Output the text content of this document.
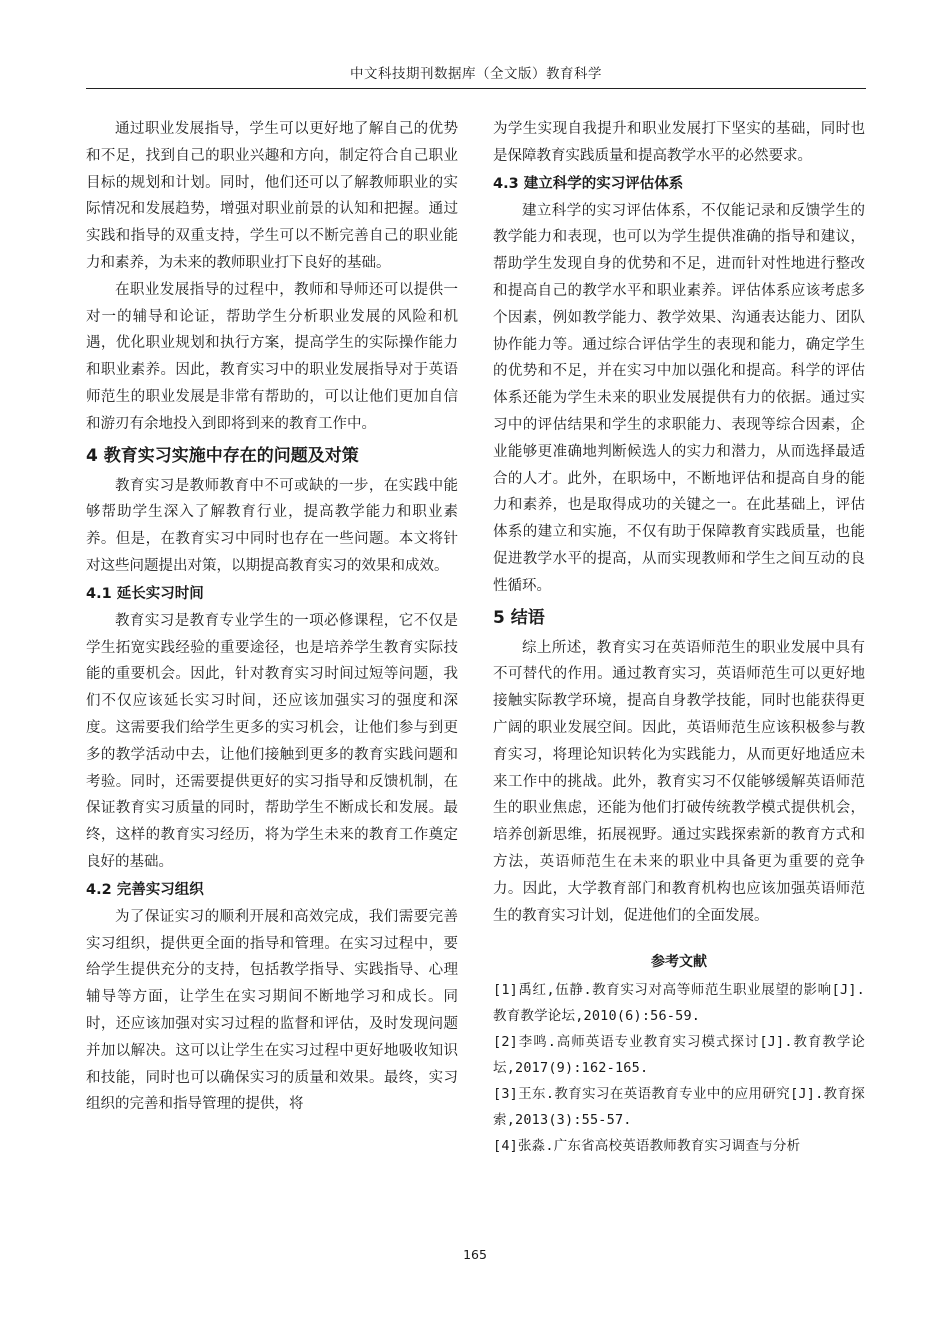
中文科技期刊数据库（全文版）教育科学

通过职业发展指导，学生可以更好地了解自己的优势和不足，找到自己的职业兴趣和方向，制定符合自己职业目标的规划和计划。同时，他们还可以了解教师职业的实际情况和发展趋势，增强对职业前景的认知和把握。通过实践和指导的双重支持，学生可以不断完善自己的职业能力和素养，为未来的教师职业打下良好的基础。

在职业发展指导的过程中，教师和导师还可以提供一对一的辅导和论证，帮助学生分析职业发展的风险和机遇，优化职业规划和执行方案，提高学生的实际操作能力和职业素养。因此，教育实习中的职业发展指导对于英语师范生的职业发展是非常有帮助的，可以让他们更加自信和游刃有余地投入到即将到来的教育工作中。

4 教育实习实施中存在的问题及对策

教育实习是教师教育中不可或缺的一步，在实践中能够帮助学生深入了解教育行业，提高教学能力和职业素养。但是，在教育实习中同时也存在一些问题。本文将针对这些问题提出对策，以期提高教育实习的效果和成效。

4.1 延长实习时间

教育实习是教育专业学生的一项必修课程，它不仅是学生拓宽实践经验的重要途径，也是培养学生教育实际技能的重要机会。因此，针对教育实习时间过短等问题，我们不仅应该延长实习时间，还应该加强实习的强度和深度。这需要我们给学生更多的实习机会，让他们参与到更多的教学活动中去，让他们接触到更多的教育实践问题和考验。同时，还需要提供更好的实习指导和反馈机制，在保证教育实习质量的同时，帮助学生不断成长和发展。最终，这样的教育实习经历，将为学生未来的教育工作奠定良好的基础。

4.2 完善实习组织

为了保证实习的顺利开展和高效完成，我们需要完善实习组织，提供更全面的指导和管理。在实习过程中，要给学生提供充分的支持，包括教学指导、实践指导、心理辅导等方面，让学生在实习期间不断地学习和成长。同时，还应该加强对实习过程的监督和评估，及时发现问题并加以解决。这可以让学生在实习过程中更好地吸收知识和技能，同时也可以确保实习的质量和效果。最终，实习组织的完善和指导管理的提供，将

为学生实现自我提升和职业发展打下坚实的基础，同时也是保障教育实践质量和提高教学水平的必然要求。

4.3 建立科学的实习评估体系

建立科学的实习评估体系，不仅能记录和反馈学生的教学能力和表现，也可以为学生提供准确的指导和建议，帮助学生发现自身的优势和不足，进而针对性地进行整改和提高自己的教学水平和职业素养。评估体系应该考虑多个因素，例如教学能力、教学效果、沟通表达能力、团队协作能力等。通过综合评估学生的表现和能力，确定学生的优势和不足，并在实习中加以强化和提高。科学的评估体系还能为学生未来的职业发展提供有力的依据。通过实习中的评估结果和学生的求职能力、表现等综合因素，企业能够更准确地判断候选人的实力和潜力，从而选择最适合的人才。此外，在职场中，不断地评估和提高自身的能力和素养，也是取得成功的关键之一。在此基础上，评估体系的建立和实施，不仅有助于保障教育实践质量，也能促进教学水平的提高，从而实现教师和学生之间互动的良性循环。

5 结语

综上所述，教育实习在英语师范生的职业发展中具有不可替代的作用。通过教育实习，英语师范生可以更好地接触实际教学环境，提高自身教学技能，同时也能获得更广阔的职业发展空间。因此，英语师范生应该积极参与教育实习，将理论知识转化为实践能力，从而更好地适应未来工作中的挑战。此外，教育实习不仅能够缓解英语师范生的职业焦虑，还能为他们打破传统教学模式提供机会，培养创新思维，拓展视野。通过实践探索新的教育方式和方法，英语师范生在未来的职业中具备更为重要的竞争力。因此，大学教育部门和教育机构也应该加强英语师范生的教育实习计划，促进他们的全面发展。

参考文献

[1]禹红,伍静.教育实习对高等师范生职业展望的影响[J].教育教学论坛,2010(6):56-59.

[2]李鸣.高师英语专业教育实习模式探讨[J].教育教学论坛,2017(9):162-165.

[3]王东.教育实习在英语教育专业中的应用研究[J].教育探索,2013(3):55-57.

[4]张淼.广东省高校英语教师教育实习调查与分析

165
